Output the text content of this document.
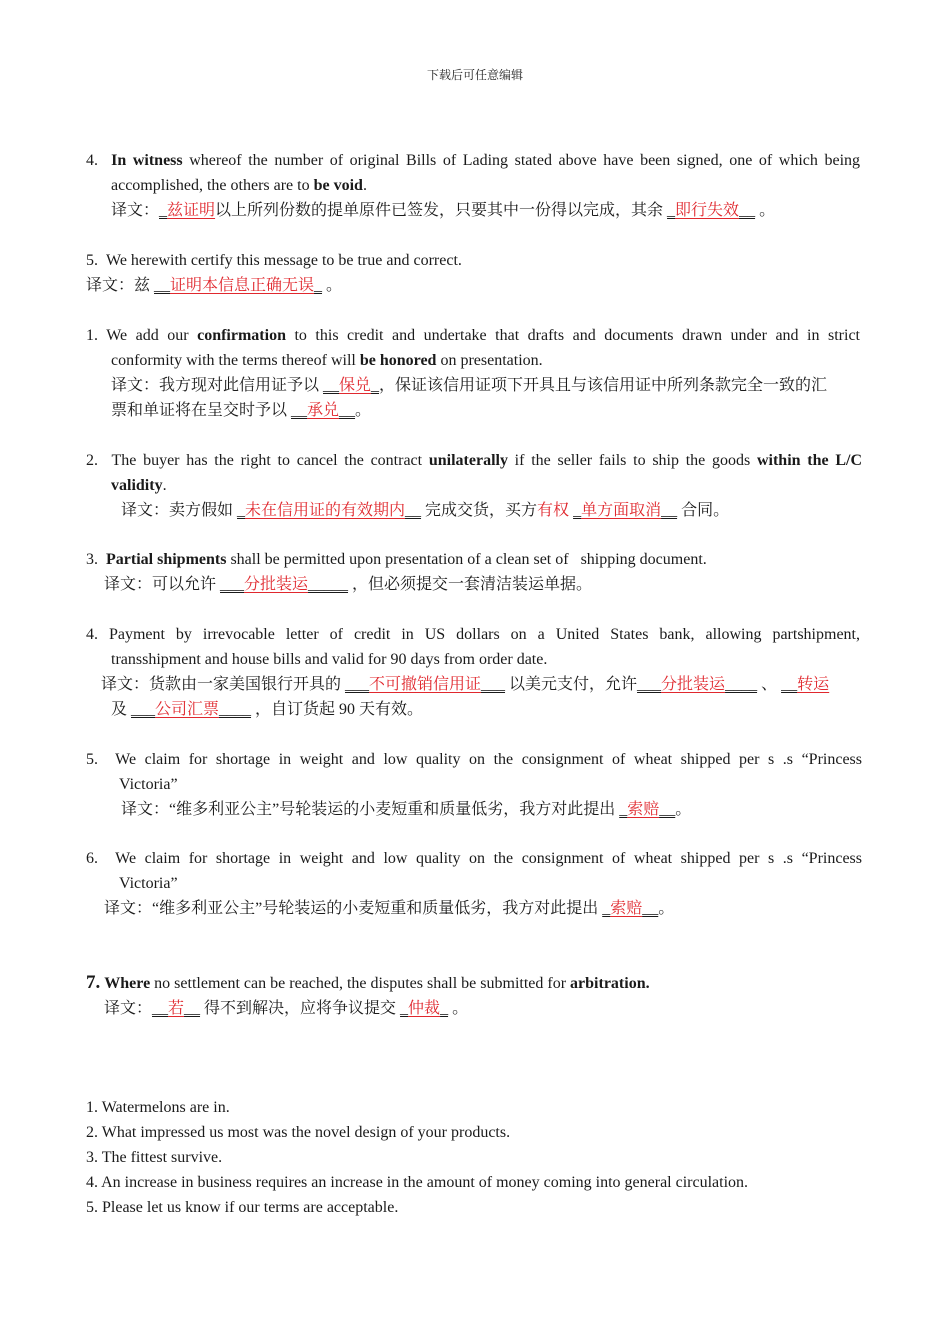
下载后可任意编辑
4. In witness whereof the number of original Bills of Lading stated above have been signed, one of which being
accomplished, the others are to be void.
译文：_兹证明以上所列份数的提单原件已签发，只要其中一份得以完成，其余 _即行失效__ 。
5. We herewith certify this message to be true and correct.
译文：兹 __证明本信息正确无误_ 。
1. We add our confirmation to this credit and undertake that drafts and documents drawn under and in strict
conformity with the terms thereof will be honored on presentation.
译文：我方现对此信用证予以 __保兑_，保证该信用证项下开具且与该信用证中所列条款完全一致的汇
票和单证将在呈交时予以 __承兑__。
2. The buyer has the right to cancel the contract unilaterally if the seller fails to ship the goods within the L/C
validity.
译文：卖方假如 _未在信用证的有效期内__ 完成交货，买方有权 _单方面取消__ 合同。
3. Partial shipments shall be permitted upon presentation of a clean set of   shipping document.
译文：可以允许 ___分批装运_____ ，但必须提交一套清洁装运单据。
4. Payment by irrevocable letter of credit in US dollars on a United States bank, allowing partshipment,
transshipment and house bills and valid for 90 days from order date.
译文：货款由一家美国银行开具的 ___不可撤销信用证___ 以美元支付，允许___分批装运____ 、 __转运
及 ___公司汇票____ ，自订货起 90 天有效。
5. We claim for shortage in weight and low quality on the consignment of wheat shipped per s .s “Princess
Victoria”
译文：“维多利亚公主”号轮装运的小麦短重和质量低劣，我方对此提出 _索赔__。
6. We claim for shortage in weight and low quality on the consignment of wheat shipped per s .s “Princess
Victoria”
译文：“维多利亚公主”号轮装运的小麦短重和质量低劣，我方对此提出 _索赔__。
7. Where no settlement can be reached, the disputes shall be submitted for arbitration.
译文：__若__ 得不到解决，应将争议提交 _仲裁_ 。
1. Watermelons are in.
2. What impressed us most was the novel design of your products.
3. The fittest survive.
4. An increase in business requires an increase in the amount of money coming into general circulation.
5. Please let us know if our terms are acceptable.
